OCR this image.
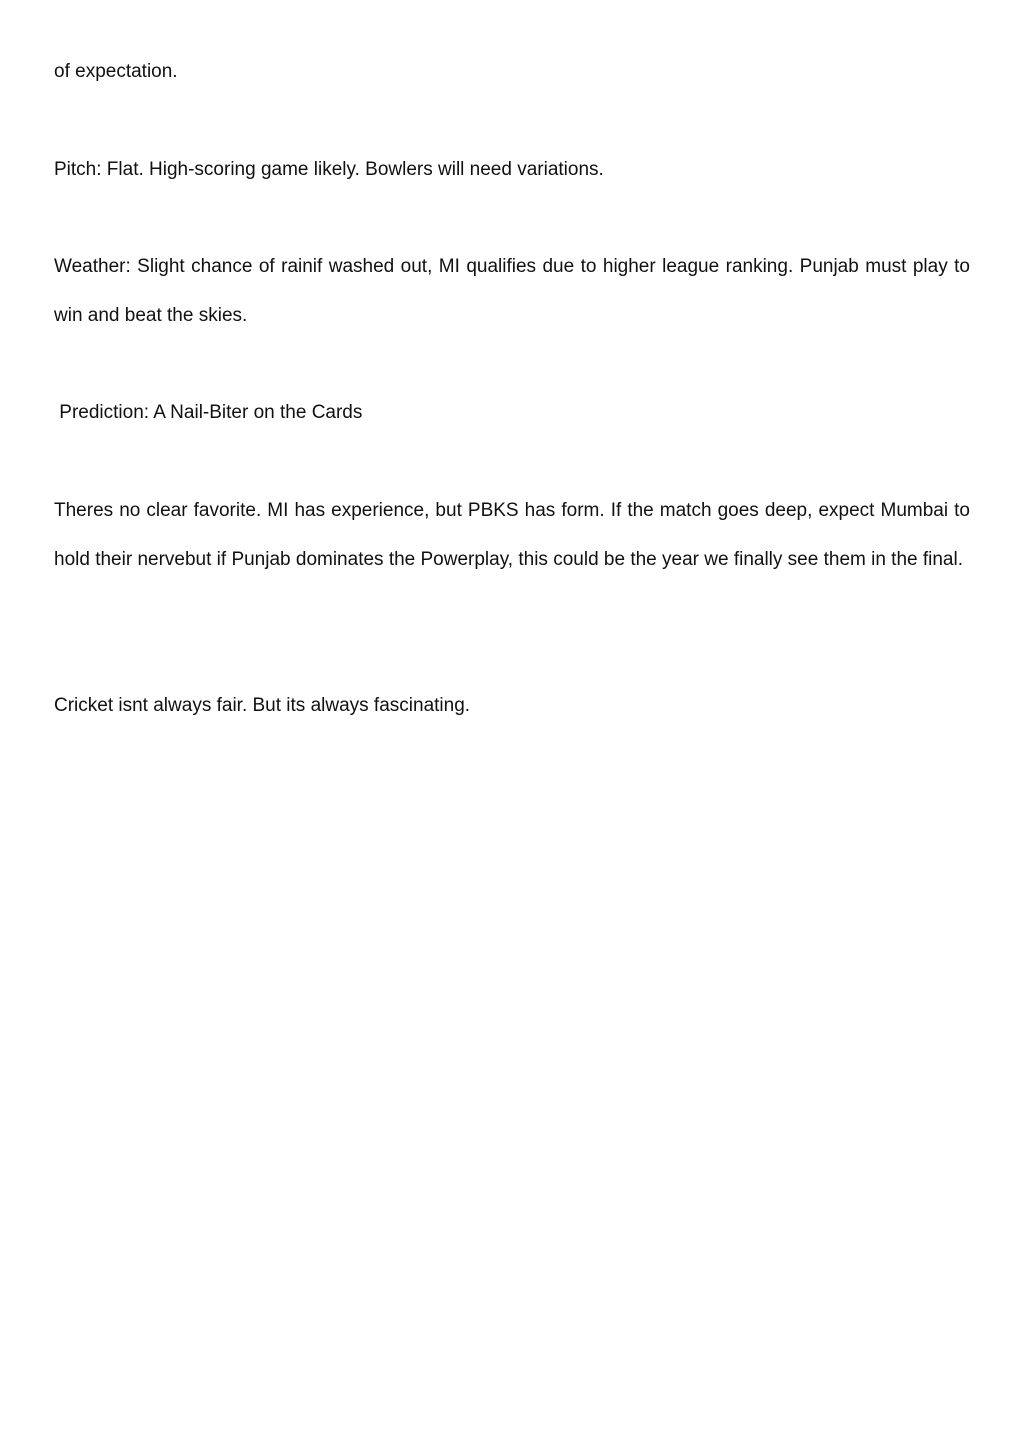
of expectation.

Pitch: Flat. High-scoring game likely. Bowlers will need variations.

Weather: Slight chance of rainif washed out, MI qualifies due to higher league ranking. Punjab must play to win and beat the skies.

Prediction: A Nail-Biter on the Cards

Theres no clear favorite. MI has experience, but PBKS has form. If the match goes deep, expect Mumbai to hold their nervebut if Punjab dominates the Powerplay, this could be the year we finally see them in the final.

Cricket isnt always fair. But its always fascinating.
